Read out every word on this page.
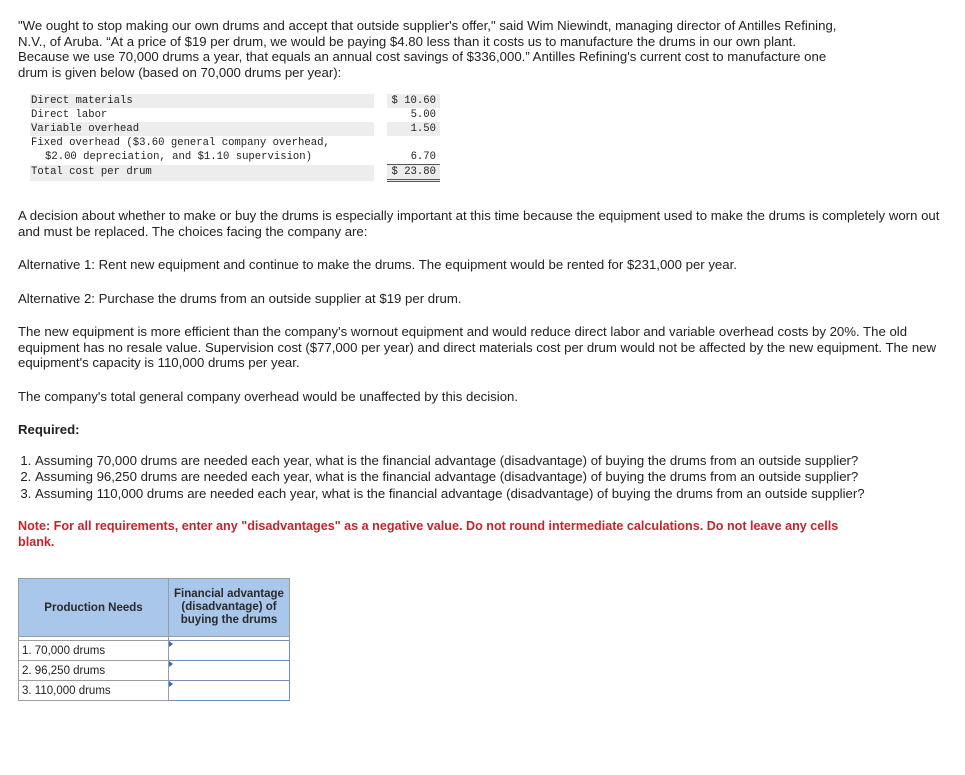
"We ought to stop making our own drums and accept that outside supplier's offer," said Wim Niewindt, managing director of Antilles Refining, N.V., of Aruba. “At a price of $19 per drum, we would be paying $4.80 less than it costs us to manufacture the drums in our own plant. Because we use 70,000 drums a year, that equals an annual cost savings of $336,000.” Antilles Refining's current cost to manufacture one drum is given below (based on 70,000 drums per year):

Direct materials		$ 10.60
Direct labor		5.00
Variable overhead		1.50
Fixed overhead ($3.60 general company overhead,		
$2.00 depreciation, and $1.10 supervision)		6.70
Total cost per drum		$ 23.80

A decision about whether to make or buy the drums is especially important at this time because the equipment used to make the drums is completely worn out and must be replaced. The choices facing the company are:

Alternative 1: Rent new equipment and continue to make the drums. The equipment would be rented for $231,000 per year.

Alternative 2: Purchase the drums from an outside supplier at $19 per drum.

The new equipment is more efficient than the company's wornout equipment and would reduce direct labor and variable overhead costs by 20%. The old equipment has no resale value. Supervision cost ($77,000 per year) and direct materials cost per drum would not be affected by the new equipment. The new equipment's capacity is 110,000 drums per year.

The company's total general company overhead would be unaffected by this decision.

Required:

1. Assuming 70,000 drums are needed each year, what is the financial advantage (disadvantage) of buying the drums from an outside supplier?
2. Assuming 96,250 drums are needed each year, what is the financial advantage (disadvantage) of buying the drums from an outside supplier?
3. Assuming 110,000 drums are needed each year, what is the financial advantage (disadvantage) of buying the drums from an outside supplier?

Note: For all requirements, enter any "disadvantages" as a negative value. Do not round intermediate calculations. Do not leave any cells blank.

Production Needs	Financial advantage (disadvantage) of buying the drums

1. 70,000 drums	

2. 96,250 drums	

3. 110,000 drums	
